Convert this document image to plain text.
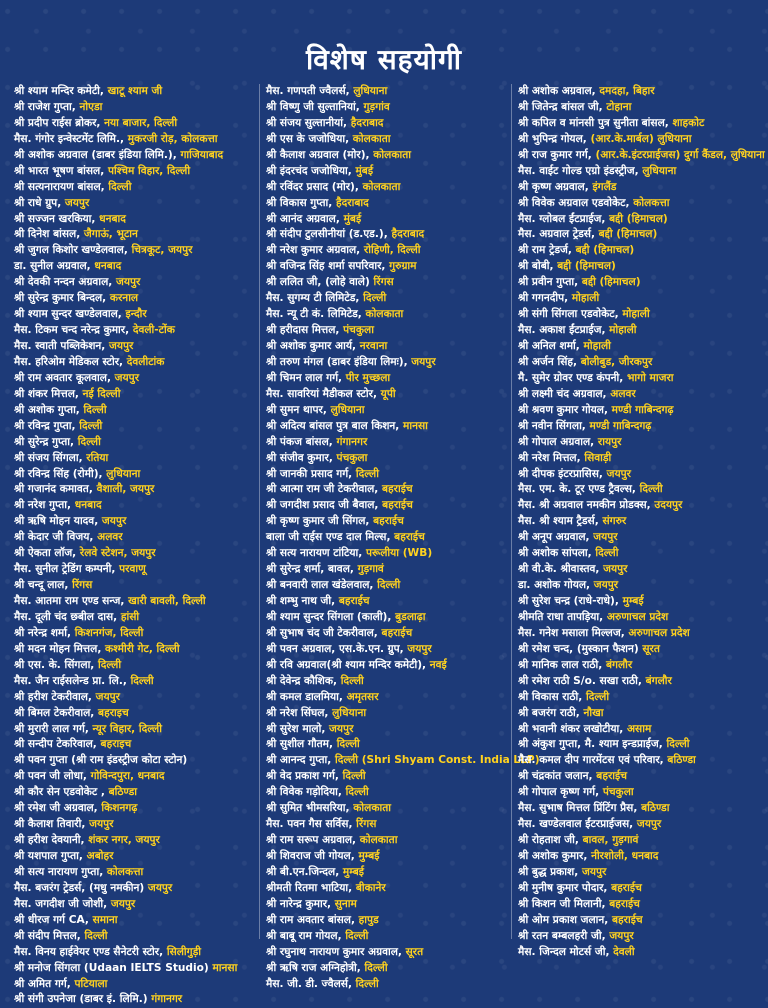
विशेष सहयोगी
श्री श्याम मन्दिर कमेटी, खाटू श्याम जी
श्री राजेश गुप्ता, नोएडा
श्री प्रदीप राईस ब्रोकर, नया बाजार, दिल्ली
मैस. गंगोर इन्वेस्टमेंट लिमि., मुकरजी रोड़, कोलकत्ता
श्री अशोक अग्रवाल (डाबर इंडिया लिमि.), गाजियाबाद
श्री भारत भूषण बांसल, पश्चिम विहार, दिल्ली
श्री सत्यनारायण बांसल, दिल्ली
श्री राधे ग्रुप, जयपुर
श्री सज्जन खरकिया, धनबाद
श्री दिनेश बांसल, जैगाऊं, भूटान
श्री जुगल किशोर खण्डेलवाल, चित्रकूट, जयपुर
डा. सुनील अग्रवाल, धनबाद
श्री देवकी नन्दन अग्रवाल, जयपुर
श्री सुरेन्द्र कुमार बिन्दल, करनाल
श्री श्याम सुन्दर खण्डेलवाल, इन्दौर
मैस. टिकम चन्द नरेन्द्र कुमार, देवली-टोंक
मैस. स्वाती पब्लिकेशन, जयपुर
मैस. हरिओम मेडिकल स्टोर, देवलीटांक
श्री राम अवतार कूलवाल, जयपुर
श्री शंकर मित्तल, नई दिल्ली
श्री अशोक गुप्ता, दिल्ली
श्री रविन्द्र गुप्ता, दिल्ली
श्री सुरेन्द्र गुप्ता, दिल्ली
श्री संजय सिंगला, रतिया
श्री रविन्द्र सिंह (रोमी), लुधियाना
श्री गजानंद कमावत, वैशाली, जयपुर
श्री नरेश गुप्ता, धनबाद
श्री ऋषि मोहन यादव, जयपुर
श्री केदार जी विजय, अलवर
श्री ऐकता लॉज, रेलवे स्टेशन, जयपुर
मैस. सुनील ट्रेडिंग कम्पनी, परवाणू
श्री चन्दू लाल, रिंगस
मैस. आतमा राम एण्ड सन्ज, खारी बावली, दिल्ली
मैस. दूली चंद छबील दास, हांसी
श्री नरेन्द्र शर्मा, किशनगंज, दिल्ली
श्री मदन मोहन मित्तल, कश्मीरी गेट, दिल्ली
श्री एस. के. सिंगला, दिल्ली
मैस. जैन राईसलेन्ड प्रा. लि., दिल्ली
श्री हरीश टेकरीवाल, जयपुर
श्री बिमल टेकरीवाल, बहराइच
श्री मुरारी लाल गर्ग, न्यूर विहार, दिल्ली
श्री सन्दीप टेकरिवाल, बहराइच
श्री पवन गुप्ता (श्री राम इंडस्ट्रीज कोटा स्टोन)
श्री पवन जी लोधा, गोविन्दपुरा, धनबाद
श्री कौर सेन एडवोकेट , बठिण्डा
श्री रमेश जी अग्रवाल, किशनगढ़
श्री कैलाश तिवारी, जयपुर
श्री हरीश देवयानी, शंकर नगर, जयपुर
श्री यशपाल गुप्ता, अबोहर
श्री सत्य नारायण गुप्ता, कोलकत्ता
मैस. बजरंग ट्रेडर्स, (मधु नमकीन) जयपुर
मैस. जगदीश जी जोशी, जयपुर
श्री धीरज गर्ग CA, समाना
श्री संदीप मित्तल, दिल्ली
मैस. विनय हाईवेयर एण्ड सैनेटरी स्टोर, सिलीगुड़ी
श्री मनोज सिंगला (Udaan IELTS Studio) मानसा
श्री अमित गर्ग, पटियाला
श्री संगी उपनेजा (डाबर इं. लिमि.) गंगानगर
मैस. गणपती ज्वैलर्स, लुधियाना
श्री विष्णु जी सुल्तानियां, गुड़गांव
श्री संजय सुल्तानीयां, हैदराबाद
श्री एस के जजोधिया, कोलकाता
श्री कैलाश अग्रवाल (मोर), कोलकाता
श्री इंदरचंद जजोधिया, मुंबई
श्री रविंदर प्रसाद (मोर), कोलकाता
श्री विकास गुप्ता, हैदराबाद
श्री आनंद अग्रवाल, मुंबई
श्री संदीप टुलसीनीयां (ड.एड.), हैदराबाद
श्री नरेश कुमार अग्रवाल, रोहिणी, दिल्ली
श्री वजिन्द्र सिंह शर्मा सपरिवार, गुरुग्राम
श्री ललित जी, (लोहे वाले) रिंगस
मैस. सुगम्य टी लिमिटेड, दिल्ली
मैस. न्यू टी कं. लिमिटेड, कोलकाता
श्री हरीदास मित्तल, पंचकुला
श्री अशोक कुमार आर्य, नरवाना
श्री तरुण मंगल (डाबर इंडिया लिमः), जयपुर
श्री चिमन लाल गर्ग, पीर मुच्छला
मैस. सावरियां मैडीकल स्टोर, यूपी
श्री सुमन थापर, लुधियाना
श्री अदित्य बांसल पुत्र बाल किशन, मानसा
श्री पंकज बांसल, गंगानगर
श्री संजीव कुमार, पंचकुला
श्री जानकी प्रसाद गर्ग, दिल्ली
श्री आत्मा राम जी टेकरीवाल, बहराईच
श्री जगदीश प्रसाद जी बैवाल, बहराईच
श्री कृष्ण कुमार जी सिंगल, बहराईच
बाला जी राईस एण्ड दाल मिल्स, बहराईच
श्री सत्य नारायण टांटिया, परूलीया (WB)
श्री सुरेन्द्र शर्मा, बावल, गुड़गावं
श्री बनवारी लाल खंडेलवाल, दिल्ली
श्री शम्भु नाथ जी, बहराईच
श्री श्याम सुन्दर सिंगला (काली), बुडलाढ़ा
श्री सुभाष चंद जी टेकरीवाल, बहराईच
श्री पवन अग्रवाल, एस.के.एन. ग्रुप, जयपुर
श्री रवि अग्रवाल(श्री श्याम मन्दिर कमेटी), नवई
श्री देवेन्द्र कौशिक, दिल्ली
श्री कमल डालमिया, अमृतसर
श्री नरेश सिंघल, लुधियाना
श्री सुरेश मालो, जयपुर
श्री सुशील गौतम, दिल्ली
श्री आनन्द गुप्ता, दिल्ली (Shri Shyam Const. India LLP)
श्री वेद प्रकाश गर्ग, दिल्ली
श्री विवेक गड़ोदिया, दिल्ली
श्री सुमित भीमसरिया, कोलकाता
मैस. पवन गैस सर्विस, रिंगस
श्री राम सरूप अग्रवाल, कोलकाता
श्री शिवराज जी गोयल, मुम्बई
श्री बी.एन.जिन्दल, मुम्बई
श्रीमती रितमा भाटिया, बीकानेर
श्री नारेन्द्र कुमार, सुनाम
श्री राम अवतार बांसल, हापुड
श्री बाबू राम गोयल, दिल्ली
श्री रघुनाथ नारायण कुमार अग्रवाल, सूरत
श्री ऋषि राज अग्निहोत्री, दिल्ली
मैस. जी. डी. ज्वैलर्स, दिल्ली
श्री अशोक अग्रवाल, दमदहा, बिहार
श्री जितेन्द्र बांसल जी, टोहाना
श्री कपिल व मांनसी पुत्र सुनीता बांसल, शाहकोट
श्री भुपिन्द्र गोयल, (आर.के.मार्बल) लुधियाना
श्री राज कुमार गर्ग, (आर.के.इंटरप्राईजस) दुर्गा कैंडल, लुधियाना
मैस. वाईट गोल्ड एग्रो इंडस्ट्रीज, लुधियाना
श्री कृष्ण अग्रवाल, इंगलैंड
श्री विवेक अग्रवाल एडवोकेट, कोलकत्ता
मैस. ग्लोबल ईंटप्राईज, बद्दी (हिमाचल)
मैस. अग्रवाल ट्रेडर्स, बद्दी (हिमाचल)
श्री राम ट्रेडर्ज, बद्दी (हिमाचल)
श्री बोबी, बद्दी (हिमाचल)
श्री प्रवीन गुप्ता, बद्दी (हिमाचल)
श्री गगनदीप, मोहाली
श्री संगी सिंगला एडवोकेट, मोहाली
मैस. अकाश ईंटप्राईज, मोहाली
श्री अनिल शर्मा, मोहाली
श्री अर्जन सिंह, बोलीबुड, जीरकपुर
मै. सुमेर ग्रोवर एण्ड कंपनी, भागो माजरा
श्री लक्ष्मी चंद अग्रवाल, अलवर
श्री श्रवण कुमार गोयल, मण्डी गाबिन्दगढ़
श्री नवीन सिंगला, मण्डी गाबिन्दगढ़
श्री गोपाल अग्रवाल, रायपुर
श्री नरेश मित्तल, सिवाड़ी
श्री दीपक इंटरप्रासिस, जयपुर
मैस. एम. के. टूर एण्ड ट्रैवल्स, दिल्ली
मैस. श्री अग्रवाल नमकीन प्रोडक्स, उदयपुर
मैस. श्री श्याम ट्रैडर्स, संगरुर
श्री अनूप अग्रवाल, जयपुर
श्री अशोक सांपला, दिल्ली
श्री वी.के. श्रीवास्तव, जयपुर
डा. अशोक गोयल, जयपुर
श्री सुरेश चन्द्र (राधे-राधे), मुम्बई
श्रीमति राधा तापड़िया, अरुणाचल प्रदेश
मैस. गनेश मसाला मिल्लज, अरुणाचल प्रदेश
श्री रमेश चन्द, (मुस्कान फैशन) सूरत
श्री मानिक लाल राठी, बंगलौर
श्री रमेश राठी S/o. सखा राठी, बंगलौर
श्री विकास राठी, दिल्ली
श्री बजरंग राठी, नौखा
श्री भवानी शंकर लखोटीया, असाम
श्री अंकुश गुप्ता, मै. श्याम इन्डप्राईज, दिल्ली
मैस. कमल दीप गारमेंटस एवं परिवार, बठिण्डा
श्री चंद्रकांत जलान, बहराईच
श्री गोपाल कृष्ण गर्ग, पंचकुला
मैस. सुभाष मित्तल प्रिंटिंग प्रैस, बठिण्डा
मैस. खण्डेलवाल ईंटरप्राईजस, जयपुर
श्री रोहताश जी, बावल, गुड़गावं
श्री अशोक कुमार, नीरशोली, धनबाद
श्री बुद्ध प्रकाश, जयपुर
श्री मुनीष कुमार पोदार, बहराईच
श्री किशन जी मिलानी, बहराईच
श्री ओम प्रकाश जलान, बहराईच
श्री रतन बम्बलहरी जी, जयपुर
मैस. जिन्दल मोटर्स जी, देवली
